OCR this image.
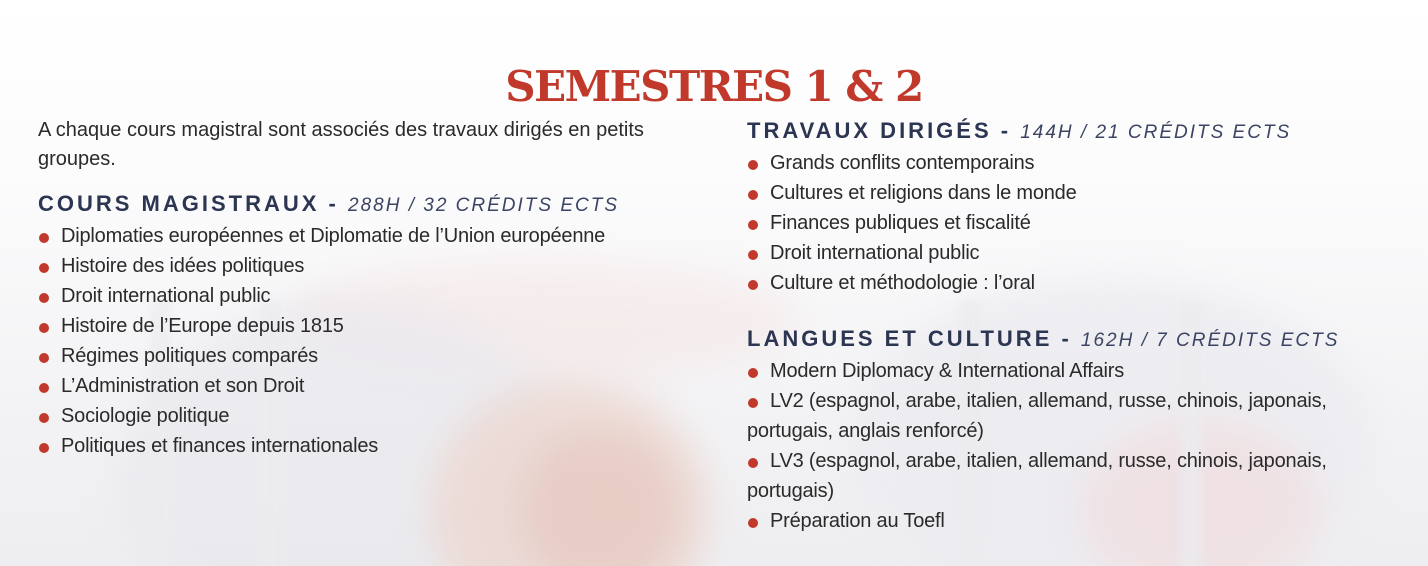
SEMESTRES 1 & 2

A chaque cours magistral sont associés des travaux dirigés en petits groupes.

COURS MAGISTRAUX - 288H / 32 CRÉDITS ECTS
Diplomaties européennes et Diplomatie de l’Union européenne
Histoire des idées politiques
Droit international public
Histoire de l’Europe depuis 1815
Régimes politiques comparés
L’Administration et son Droit
Sociologie politique
Politiques et finances internationales
TRAVAUX DIRIGÉS - 144H / 21 CRÉDITS ECTS
Grands conflits contemporains
Cultures et religions dans le monde
Finances publiques et fiscalité
Droit international public
Culture et méthodologie : l’oral
LANGUES ET CULTURE - 162H / 7 CRÉDITS ECTS
Modern Diplomacy & International Affairs
LV2 (espagnol, arabe, italien, allemand, russe, chinois, japonais, portugais, anglais renforcé)
LV3 (espagnol, arabe, italien, allemand, russe, chinois, japonais, portugais)
Préparation au Toefl
